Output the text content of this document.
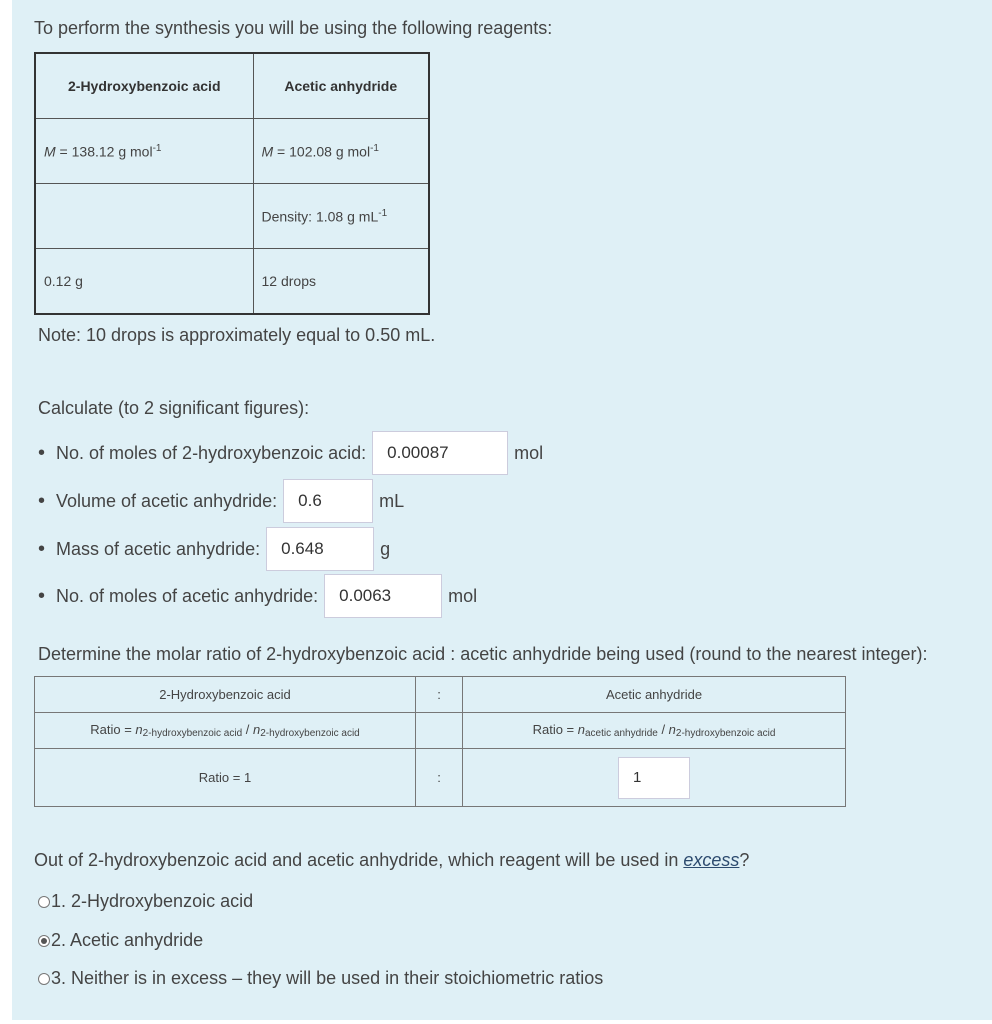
To perform the synthesis you will be using the following reagents:
2-Hydroxybenzoic acid	Acetic anhydride
M = 138.12 g mol$^{-1}$	M = 102.08 g mol$^{-1}$
	Density: 1.08 g $mL^{-1}$
0.12 g	12 drops
Note: 10 drops is approximately equal to 0.50 mL.
Calculate (to 2 significant figures):
• No. of moles of 2-hydroxybenzoic acid:	0.00087	mol
• Volume of acetic anhydride:	0.6	mL
• Mass of acetic anhydride:	0.648	g
• No. of moles of acetic anhydride:	0.0063	mol
Determine the molar ratio of 2-hydroxybenzoic acid : acetic anhydride being used (round to the nearest integer):
2-Hydroxybenzoic acid	:	Acetic anhydride
Ratio = $n_{2-hydroxybenzoic acid} / n_{2-hydroxybenzoic acid}$		Ratio = $n_{acetic anhydride} / n_{2-hydroxybenzoic acid}$
Ratio = 1	:	1
Out of 2-hydroxybenzoic acid and acetic anhydride, which reagent will be used in excess?
1. 2-Hydroxybenzoic acid
2. Acetic anhydride
3. Neither is in excess – they will be used in their stoichiometric ratios
